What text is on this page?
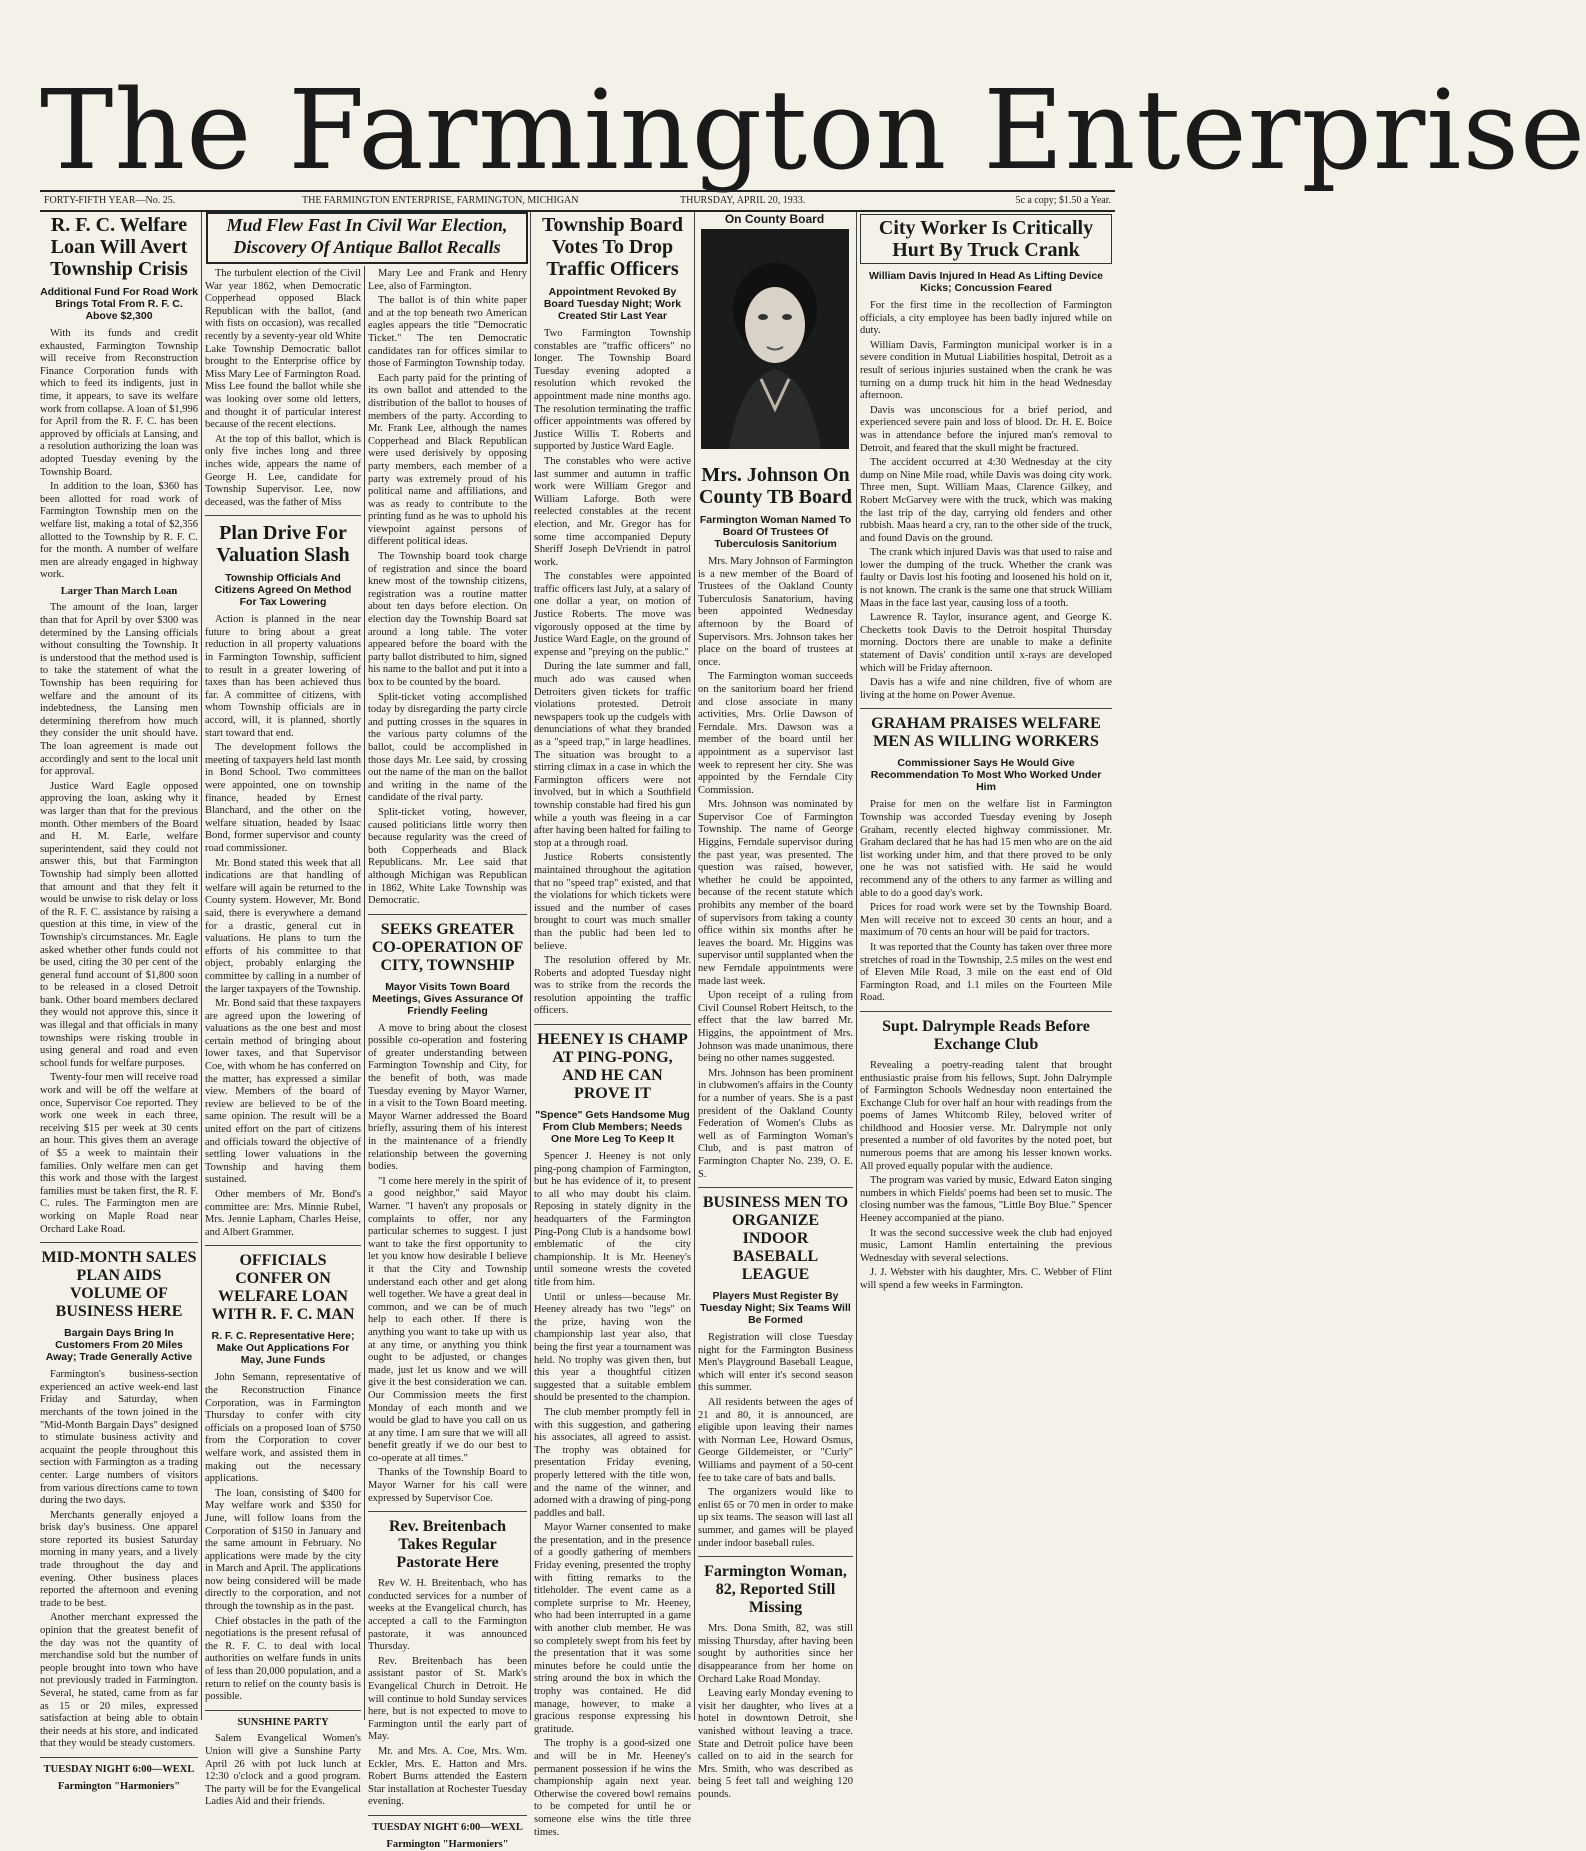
The Farmington Enterprise
FORTY-FIFTH YEAR—No. 25.	THE FARMINGTON ENTERPRISE, FARMINGTON, MICHIGAN	THURSDAY, APRIL 20, 1933.	5c a copy; $1.50 a Year.
R. F. C. Welfare Loan Will Avert Township Crisis
Additional Fund For Road Work Brings Total From R. F. C. Above $2,300

With its funds and credit exhausted, Farmington Township will receive from Reconstruction Finance Corporation funds with which to feed its indigents, just in time, it appears, to save its welfare work from collapse. A loan of $1,996 for April from the R. F. C. has been approved by officials at Lansing, and a resolution authorizing the loan was adopted Tuesday evening by the Township Board.

In addition to the loan, $360 has been allotted for road work of Farmington Township men on the welfare list, making a total of $2,356 allotted to the Township by R. F. C. for the month. A number of welfare men are already engaged in highway work.

Larger Than March Loan

The amount of the loan, larger than that for April by over $300 was determined by the Lansing officials without consulting the Township. It is understood that the method used is to take the statement of what the Township has been requiring for welfare and the amount of its indebtedness, the Lansing men determining therefrom how much they consider the unit should have. The loan agreement is made out accordingly and sent to the local unit for approval.

Justice Ward Eagle opposed approving the loan, asking why it was larger than that for the previous month. Other members of the Board and H. M. Earle, welfare superintendent, said they could not answer this, but that Farmington Township had simply been allotted that amount and that they felt it would be unwise to risk delay or loss of the R. F. C. assistance by raising a question at this time, in view of the Township's circumstances. Mr. Eagle asked whether other funds could not be used, citing the 30 per cent of the general fund account of $1,800 soon to be released in a closed Detroit bank. Other board members declared they would not approve this, since it was illegal and that officials in many townships were risking trouble in using general and road and even school funds for welfare purposes.

Twenty-four men will receive road work and will be off the welfare at once, Supervisor Coe reported. They work one week in each three, receiving $15 per week at 30 cents an hour. This gives them an average of $5 a week to maintain their families. Only welfare men can get this work and those with the largest families must be taken first, the R. F. C. rules. The Farmington men are working on Maple Road near Orchard Lake Road.

MID-MONTH SALES PLAN AIDS VOLUME OF BUSINESS HERE
Bargain Days Bring In Customers From 20 Miles Away; Trade Generally Active

Farmington's business-section experienced an active week-end last Friday and Saturday, when merchants of the town joined in the "Mid-Month Bargain Days" designed to stimulate business activity and acquaint the people throughout this section with Farmington as a trading center. Large numbers of visitors from various directions came to town during the two days.

Merchants generally enjoyed a brisk day's business. One apparel store reported its busiest Saturday morning in many years, and a lively trade throughout the day and evening. Other business places reported the afternoon and evening trade to be best.

Another merchant expressed the opinion that the greatest benefit of the day was not the quantity of merchandise sold but the number of people brought into town who have not previously traded in Farmington. Several, he stated, came from as far as 15 or 20 miles, expressed satisfaction at being able to obtain their needs at his store, and indicated that they would be steady customers.

TUESDAY NIGHT 6:00—WEXL
Farmington "Harmoniers"
Mud Flew Fast In Civil War Election, Discovery Of Antique Ballot Recalls

The turbulent election of the Civil War year 1862, when Democratic Copperhead opposed Black Republican with the ballot, (and with fists on occasion), was recalled recently by a seventy-year old White Lake Township Democratic ballot brought to the Enterprise office by Miss Mary Lee of Farmington Road. Miss Lee found the ballot while she was looking over some old letters, and thought it of particular interest because of the recent elections.

At the top of this ballot, which is only five inches long and three inches wide, appears the name of George H. Lee, candidate for Township Supervisor. Lee, now deceased, was the father of Miss

Plan Drive For Valuation Slash
Township Officials And Citizens Agreed On Method For Tax Lowering

Action is planned in the near future to bring about a great reduction in all property valuations in Farmington Township, sufficient to result in a greater lowering of taxes than has been achieved thus far. A committee of citizens, with whom Township officials are in accord, will, it is planned, shortly start toward that end.

The development follows the meeting of taxpayers held last month in Bond School. Two committees were appointed, one on township finance, headed by Ernest Blanchard, and the other on the welfare situation, headed by Isaac Bond, former supervisor and county road commissioner.

Mr. Bond stated this week that all indications are that handling of welfare will again be returned to the County system. However, Mr. Bond said, there is everywhere a demand for a drastic, general cut in valuations. He plans to turn the efforts of his committee to that object, probably enlarging the committee by calling in a number of the larger taxpayers of the Township.

Mr. Bond said that these taxpayers are agreed upon the lowering of valuations as the one best and most certain method of bringing about lower taxes, and that Supervisor Coe, with whom he has conferred on the matter, has expressed a similar view. Members of the board of review are believed to be of the same opinion. The result will be a united effort on the part of citizens and officials toward the objective of settling lower valuations in the Township and having them sustained.

Other members of Mr. Bond's committee are: Mrs. Minnie Rubel, Mrs. Jennie Lapham, Charles Heise, and Albert Grammer.

OFFICIALS CONFER ON WELFARE LOAN WITH R. F. C. MAN
R. F. C. Representative Here; Make Out Applications For May, June Funds

John Semann, representative of the Reconstruction Finance Corporation, was in Farmington Thursday to confer with city officials on a proposed loan of $750 from the Corporation to cover welfare work, and assisted them in making out the necessary applications.

The loan, consisting of $400 for May welfare work and $350 for June, will follow loans from the Corporation of $150 in January and the same amount in February. No applications were made by the city in March and April. The applications now being considered will be made directly to the corporation, and not through the township as in the past.

Chief obstacles in the path of the negotiations is the present refusal of the R. F. C. to deal with local authorities on welfare funds in units of less than 20,000 population, and a return to relief on the county basis is possible.

SUNSHINE PARTY

Salem Evangelical Women's Union will give a Sunshine Party April 26 with pot luck lunch at 12:30 o'clock and a good program. The party will be for the Evangelical Ladies Aid and their friends.

Mary Lee and Frank and Henry Lee, also of Farmington.

The ballot is of thin white paper and at the top beneath two American eagles appears the title "Democratic Ticket." The ten Democratic candidates ran for offices similar to those of Farmington Township today.

Each party paid for the printing of its own ballot and attended to the distribution of the ballot to houses of members of the party. According to Mr. Frank Lee, although the names Copperhead and Black Republican were used derisively by opposing party members, each member of a party was extremely proud of his political name and affiliations, and was as ready to contribute to the printing fund as he was to uphold his viewpoint against persons of different political ideas.

The Township board took charge of registration and since the board knew most of the township citizens, registration was a routine matter about ten days before election. On election day the Township Board sat around a long table. The voter appeared before the board with the party ballot distributed to him, signed his name to the ballot and put it into a box to be counted by the board.

Split-ticket voting accomplished today by disregarding the party circle and putting crosses in the squares in the various party columns of the ballot, could be accomplished in those days Mr. Lee said, by crossing out the name of the man on the ballot and writing in the name of the candidate of the rival party.

Split-ticket voting, however, caused politicians little worry then because regularity was the creed of both Copperheads and Black Republicans. Mr. Lee said that although Michigan was Republican in 1862, White Lake Township was Democratic.

SEEKS GREATER CO-OPERATION OF CITY, TOWNSHIP
Mayor Visits Town Board Meetings, Gives Assurance Of Friendly Feeling

A move to bring about the closest possible co-operation and fostering of greater understanding between Farmington Township and City, for the benefit of both, was made Tuesday evening by Mayor Warner, in a visit to the Town Board meeting. Mayor Warner addressed the Board briefly, assuring them of his interest in the maintenance of a friendly relationship between the governing bodies.

"I come here merely in the spirit of a good neighbor," said Mayor Warner. "I haven't any proposals or complaints to offer, nor any particular schemes to suggest. I just want to take the first opportunity to let you know how desirable I believe it that the City and Township understand each other and get along well together. We have a great deal in common, and we can be of much help to each other. If there is anything you want to take up with us at any time, or anything you think ought to be adjusted, or changes made, just let us know and we will give it the best consideration we can. Our Commission meets the first Monday of each month and we would be glad to have you call on us at any time. I am sure that we will all benefit greatly if we do our best to co-operate at all times."

Thanks of the Township Board to Mayor Warner for his call were expressed by Supervisor Coe.

Rev. Breitenbach Takes Regular Pastorate Here

Rev W. H. Breitenbach, who has conducted services for a number of weeks at the Evangelical church, has accepted a call to the Farmington pastorate, it was announced Thursday.

Rev. Breitenbach has been assistant pastor of St. Mark's Evangelical Church in Detroit. He will continue to hold Sunday services here, but is not expected to move to Farmington until the early part of May.

Mr. and Mrs. A. Coe, Mrs. Wm. Eckler, Mrs. E. Hatton and Mrs. Robert Burns attended the Eastern Star installation at Rochester Tuesday evening.

TUESDAY NIGHT 6:00—WEXL
Farmington "Harmoniers"
Township Board Votes To Drop Traffic Officers
Appointment Revoked By Board Tuesday Night; Work Created Stir Last Year

Two Farmington Township constables are "traffic officers" no longer. The Township Board Tuesday evening adopted a resolution which revoked the appointment made nine months ago. The resolution terminating the traffic officer appointments was offered by Justice Willis T. Roberts and supported by Justice Ward Eagle.

The constables who were active last summer and autumn in traffic work were William Gregor and William Laforge. Both were reelected constables at the recent election, and Mr. Gregor has for some time accompanied Deputy Sheriff Joseph DeVriendt in patrol work.

The constables were appointed traffic officers last July, at a salary of one dollar a year, on motion of Justice Roberts. The move was vigorously opposed at the time by Justice Ward Eagle, on the ground of expense and "preying on the public."

During the late summer and fall, much ado was caused when Detroiters given tickets for traffic violations protested. Detroit newspapers took up the cudgels with denunciations of what they branded as a "speed trap," in large headlines. The situation was brought to a stirring climax in a case in which the Farmington officers were not involved, but in which a Southfield township constable had fired his gun while a youth was fleeing in a car after having been halted for failing to stop at a through road.

Justice Roberts consistently maintained throughout the agitation that no "speed trap" existed, and that the violations for which tickets were issued and the number of cases brought to court was much smaller than the public had been led to believe.

The resolution offered by Mr. Roberts and adopted Tuesday night was to strike from the records the resolution appointing the traffic officers.

HEENEY IS CHAMP AT PING-PONG, AND HE CAN PROVE IT
"Spence" Gets Handsome Mug From Club Members; Needs One More Leg To Keep It

Spencer J. Heeney is not only ping-pong champion of Farmington, but he has evidence of it, to present to all who may doubt his claim. Reposing in stately dignity in the headquarters of the Farmington Ping-Pong Club is a handsome bowl emblematic of the city championship. It is Mr. Heeney's until someone wrests the coveted title from him.

Until or unless—because Mr. Heeney already has two "legs" on the prize, having won the championship last year also, that being the first year a tournament was held. No trophy was given then, but this year a thoughtful citizen suggested that a suitable emblem should be presented to the champion.

The club member promptly fell in with this suggestion, and gathering his associates, all agreed to assist. The trophy was obtained for presentation Friday evening, properly lettered with the title won, and the name of the winner, and adorned with a drawing of ping-pong paddles and ball.

Mayor Warner consented to make the presentation, and in the presence of a goodly gathering of members Friday evening, presented the trophy with fitting remarks to the titleholder. The event came as a complete surprise to Mr. Heeney, who had been interrupted in a game with another club member. He was so completely swept from his feet by the presentation that it was some minutes before he could untie the string around the box in which the trophy was contained. He did manage, however, to make a gracious response expressing his gratitude.

The trophy is a good-sized one and will be in Mr. Heeney's permanent possession if he wins the championship again next year. Otherwise the covered bowl remains to be competed for until he or someone else wins the title three times.

On County Board
Mrs. Johnson On County TB Board
Farmington Woman Named To Board Of Trustees Of Tuberculosis Sanitorium

Mrs. Mary Johnson of Farmington is a new member of the Board of Trustees of the Oakland County Tuberculosis Sanatorium, having been appointed Wednesday afternoon by the Board of Supervisors. Mrs. Johnson takes her place on the board of trustees at once.

The Farmington woman succeeds on the sanitorium board her friend and close associate in many activities, Mrs. Orlie Dawson of Ferndale. Mrs. Dawson was a member of the board until her appointment as a supervisor last week to represent her city. She was appointed by the Ferndale City Commission.

Mrs. Johnson was nominated by Supervisor Coe of Farmington Township. The name of George Higgins, Ferndale supervisor during the past year, was presented. The question was raised, however, whether he could be appointed, because of the recent statute which prohibits any member of the board of supervisors from taking a county office within six months after he leaves the board. Mr. Higgins was supervisor until supplanted when the new Ferndale appointments were made last week.

Upon receipt of a ruling from Civil Counsel Robert Heitsch, to the effect that the law barred Mr. Higgins, the appointment of Mrs. Johnson was made unanimous, there being no other names suggested.

Mrs. Johnson has been prominent in clubwomen's affairs in the County for a number of years. She is a past president of the Oakland County Federation of Women's Clubs as well as of Farmington Woman's Club, and is past matron of Farmington Chapter No. 239, O. E. S.

BUSINESS MEN TO ORGANIZE INDOOR BASEBALL LEAGUE
Players Must Register By Tuesday Night; Six Teams Will Be Formed

Registration will close Tuesday night for the Farmington Business Men's Playground Baseball League, which will enter it's second season this summer.

All residents between the ages of 21 and 80, it is announced, are eligible upon leaving their names with Norman Lee, Howard Osmus, George Gildemeister, or "Curly" Williams and payment of a 50-cent fee to take care of bats and balls.

The organizers would like to enlist 65 or 70 men in order to make up six teams. The season will last all summer, and games will be played under indoor baseball rules.

Farmington Woman, 82, Reported Still Missing

Mrs. Dona Smith, 82, was still missing Thursday, after having been sought by authorities since her disappearance from her home on Orchard Lake Road Monday.

Leaving early Monday evening to visit her daughter, who lives at a hotel in downtown Detroit, she vanished without leaving a trace. State and Detroit police have been called on to aid in the search for Mrs. Smith, who was described as being 5 feet tall and weighing 120 pounds.

City Worker Is Critically Hurt By Truck Crank
William Davis Injured In Head As Lifting Device Kicks; Concussion Feared

For the first time in the recollection of Farmington officials, a city employee has been badly injured while on duty.

William Davis, Farmington municipal worker is in a severe condition in Mutual Liabilities hospital, Detroit as a result of serious injuries sustained when the crank he was turning on a dump truck hit him in the head Wednesday afternoon.

Davis was unconscious for a brief period, and experienced severe pain and loss of blood. Dr. H. E. Boice was in attendance before the injured man's removal to Detroit, and feared that the skull might be fractured.

The accident occurred at 4:30 Wednesday at the city dump on Nine Mile road, while Davis was doing city work. Three men, Supt. William Maas, Clarence Gilkey, and Robert McGarvey were with the truck, which was making the last trip of the day, carrying old fenders and other rubbish. Maas heard a cry, ran to the other side of the truck, and found Davis on the ground.

The crank which injured Davis was that used to raise and lower the dumping of the truck. Whether the crank was faulty or Davis lost his footing and loosened his hold on it, is not known. The crank is the same one that struck William Maas in the face last year, causing loss of a tooth.

Lawrence R. Taylor, insurance agent, and George K. Checketts took Davis to the Detroit hospital Thursday morning. Doctors there are unable to make a definite statement of Davis' condition until x-rays are developed which will be Friday afternoon.

Davis has a wife and nine children, five of whom are living at the home on Power Avenue.

GRAHAM PRAISES WELFARE MEN AS WILLING WORKERS
Commissioner Says He Would Give Recommendation To Most Who Worked Under Him

Praise for men on the welfare list in Farmington Township was accorded Tuesday evening by Joseph Graham, recently elected highway commissioner. Mr. Graham declared that he has had 15 men who are on the aid list working under him, and that there proved to be only one he was not satisfied with. He said he would recommend any of the others to any farmer as willing and able to do a good day's work.

Prices for road work were set by the Township Board. Men will receive not to exceed 30 cents an hour, and a maximum of 70 cents an hour will be paid for tractors.

It was reported that the County has taken over three more stretches of road in the Township, 2.5 miles on the west end of Eleven Mile Road, 3 mile on the east end of Old Farmington Road, and 1.1 miles on the Fourteen Mile Road.

Supt. Dalrymple Reads Before Exchange Club

Revealing a poetry-reading talent that brought enthusiastic praise from his fellows, Supt. John Dalrymple of Farmington Schools Wednesday noon entertained the Exchange Club for over half an hour with readings from the poems of James Whitcomb Riley, beloved writer of childhood and Hoosier verse. Mr. Dalrymple not only presented a number of old favorites by the noted poet, but numerous poems that are among his lesser known works. All proved equally popular with the audience.

The program was varied by music, Edward Eaton singing numbers in which Fields' poems had been set to music. The closing number was the famous, "Little Boy Blue." Spencer Heeney accompanied at the piano.

It was the second successive week the club had enjoyed music, Lamont Hamlin entertaining the previous Wednesday with several selections.

J. J. Webster with his daughter, Mrs. C. Webber of Flint will spend a few weeks in Farmington.
